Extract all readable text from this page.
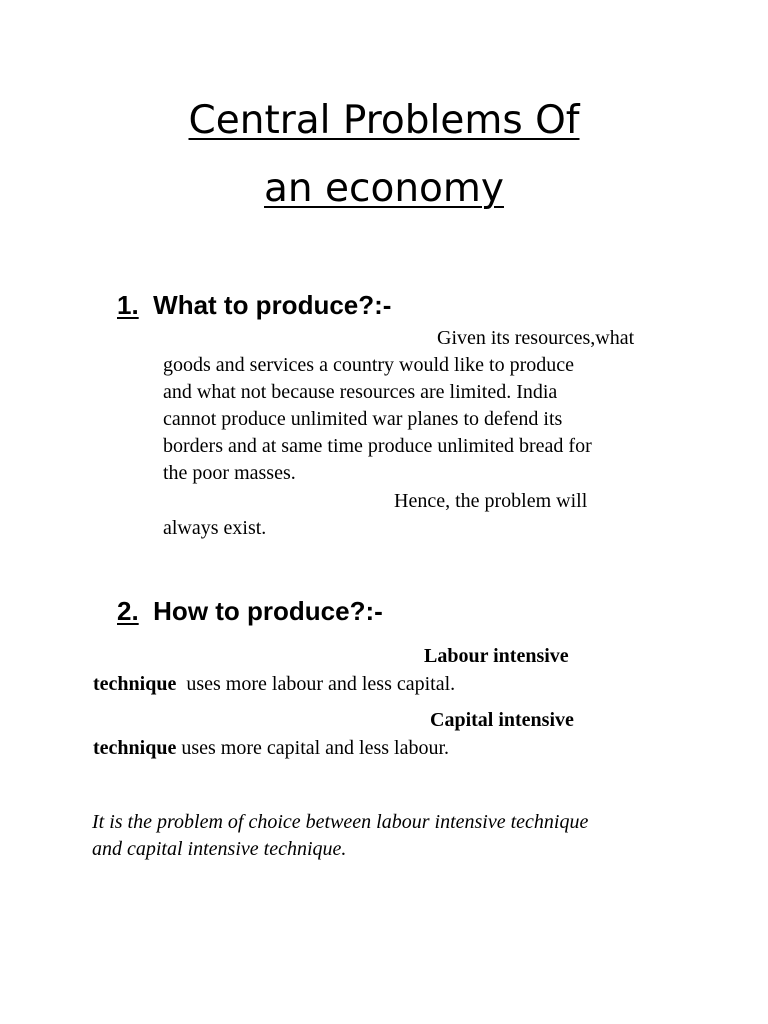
Central Problems Of
an economy
1. What to produce?:-

Given its resources,what

goods and services a country would like to produce

and what not because resources are limited. India

cannot produce unlimited war planes to defend its

borders and at same time produce unlimited bread for

the poor masses.

Hence, the problem will

always exist.

2. How to produce?:-

Labour intensive

technique uses more labour and less capital.

Capital intensive

technique uses more capital and less labour.

It is the problem of choice between labour intensive technique

and capital intensive technique.
